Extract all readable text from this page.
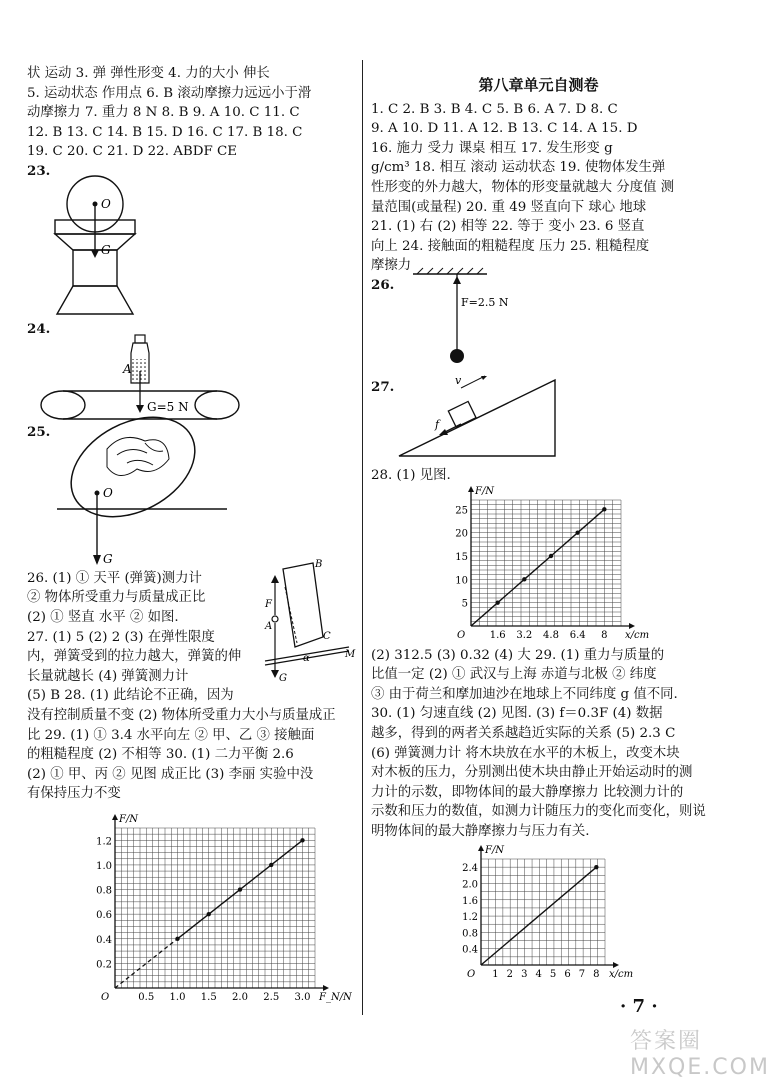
状 运动 3. 弹 弹性形变 4. 力的大小 伸长
5. 运动状态 作用点 6. B 滚动摩擦力远远小于滑
动摩擦力 7. 重力 8 N 8. B 9. A 10. C 11. C
12. B 13. C 14. B 15. D 16. C 17. B 18. C
19. C 20. C 21. D 22. ABDF CE
23.
O
G
24.
A
G=5 N
25.
O
G
26. (1) ① 天平 (弹簧)测力计
② 物体所受重力与质量成正比
(2) ① 竖直 水平 ② 如图.
27. (1) 5 (2) 2 (3) 在弹性限度
内，弹簧受到的拉力越大，弹簧的伸
长量就越长 (4) 弹簧测力计
(5) B 28. (1) 此结论不正确，因为
B
F
A
C
M
α
G
没有控制质量不变 (2) 物体所受重力大小与质量成正
比 29. (1) ① 3.4 水平向左 ② 甲、乙 ③ 接触面
的粗糙程度 (2) 不相等 30. (1) 二力平衡 2.6
(2) ① 甲、丙 ② 见图 成正比 (3) 李丽 实验中没
有保持压力不变
0.5 1.0 1.5 2.0 2.5 3.0
0.2
0.4
0.6
0.8
1.0
1.2
O
F/N
F_N/N
第八章单元自测卷
1. C 2. B 3. B 4. C 5. B 6. A 7. D 8. C
9. A 10. D 11. A 12. B 13. C 14. A 15. D
16. 施力 受力 课桌 相互 17. 发生形变 g
g/cm³ 18. 相互 滚动 运动状态 19. 使物体发生弹
性形变的外力越大，物体的形变量就越大 分度值 测
量范围(或量程) 20. 重 49 竖直向下 球心 地球
21. (1) 右 (2) 相等 22. 等于 变小 23. 6 竖直
向上 24. 接触面的粗糙程度 压力 25. 粗糙程度
摩擦力
26.
F=2.5 N
27.	v
f
28. (1) 见图.
1.6 3.2 4.8 6.4 8
5
10
15
20
25
O
F/N
x/cm
(2) 312.5 (3) 0.32 (4) 大 29. (1) 重力与质量的
比值一定 (2) ① 武汉与上海 赤道与北极 ② 纬度
③ 由于荷兰和摩加迪沙在地球上不同纬度 g 值不同.
30. (1) 匀速直线 (2) 见图. (3) f＝0.3F (4) 数据
越多，得到的两者关系越趋近实际的关系 (5) 2.3 C
(6) 弹簧测力计 将木块放在水平的木板上，改变木块
对木板的压力，分别测出使木块由静止开始运动时的测
力计的示数，即物体间的最大静摩擦力 比较测力计的
示数和压力的数值，如测力计随压力的变化而变化，则说
明物体间的最大静摩擦力与压力有关.
1 2 3 4 5 6 7 8
0.4
0.8
1.2
1.6
2.0
2.4
O
F/N
x/cm
· 7 ·
答案圈 MXQE.COM
